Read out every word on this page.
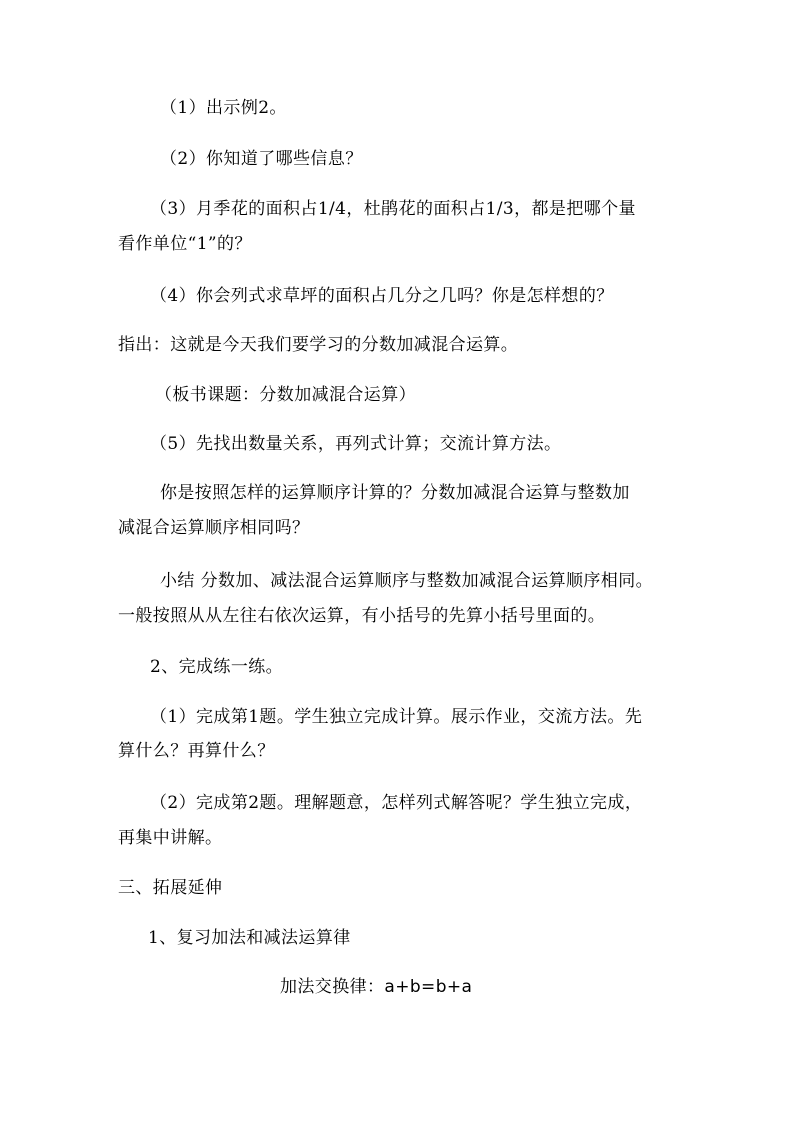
（1）出示例2。
（2）你知道了哪些信息？
（3）月季花的面积占1/4，杜鹃花的面积占1/3，都是把哪个量
看作单位“1”的？
（4）你会列式求草坪的面积占几分之几吗？你是怎样想的？
指出：这就是今天我们要学习的分数加减混合运算。
（板书课题：分数加减混合运算）
（5）先找出数量关系，再列式计算；交流计算方法。
你是按照怎样的运算顺序计算的？分数加减混合运算与整数加
减混合运算顺序相同吗？
小结 分数加、减法混合运算顺序与整数加减混合运算顺序相同。
一般按照从从左往右依次运算，有小括号的先算小括号里面的。
2、完成练一练。
（1）完成第1题。学生独立完成计算。展示作业，交流方法。先
算什么？再算什么？
（2）完成第2题。理解题意，怎样列式解答呢？学生独立完成，
再集中讲解。
三、拓展延伸
1、复习加法和减法运算律
加法交换律：a+b=b+a
